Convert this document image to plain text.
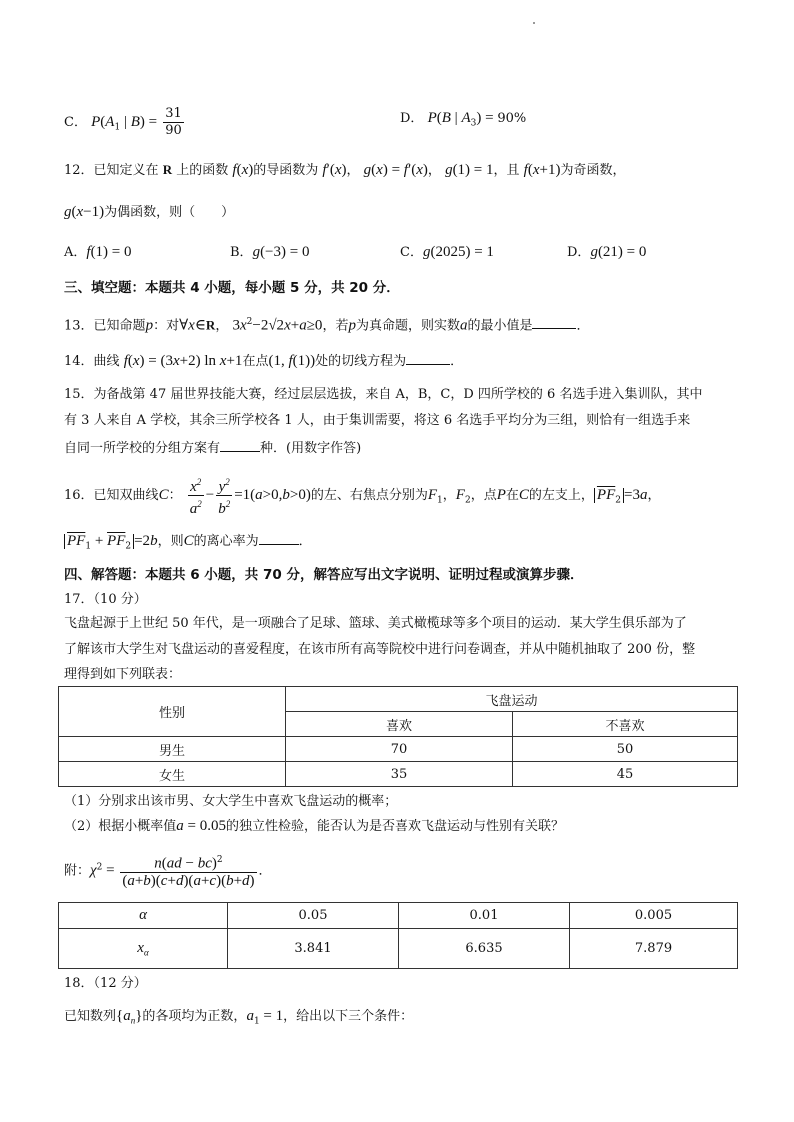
C． $P(A_1$ | $B) = \frac{31}{90}$	D． P(B | $A_3) = 90\%$
12．已知定义在 R 上的函数 f(x)的导函数为 f′(x)， g(x) = f′(x)， g(1) = 1，且 f(x+1)为奇函数，
g(x−1)为偶函数，则（　　）
A．f(1) = 0	B．g(−3) = 0	C．g(2025) = 1	D．g(21) = 0
三、填空题：本题共 4 小题，每小题 5 分，共 20 分．
13．已知命题p：对∀x∈R， $3x^2-2√2x+a\ge 0$，若p为真命题，则实数a的最小值是	．
14．曲线 f(x) = (3x+2) ln x+1在点(1, f(1))处的切线方程为	．
15．为备战第 47 届世界技能大赛，经过层层选拔，来自 A，B，C，D 四所学校的 6 名选手进入集训队，其中
有 3 人来自 A 学校，其余三所学校各 1 人，由于集训需要，将这 6 名选手平均分为三组，则恰有一组选手来
自同一所学校的分组方案有	种．(用数字作答)
16．已知双曲线C： $\frac{x^2}{a^2} - \frac{y^2}{b^2} =1(a>0,b>0)$的左、右焦点分别为$F_1$，$F_2$，点P在C的左支上， $\overline{PF}_2 =3a$，
$\overline{PF}_1 + \overline{PF}_2 =2b$，则C的离心率为	．
四、解答题：本题共 6 小题，共 70 分，解答应写出文字说明、证明过程或演算步骤．
17．（10 分）
飞盘起源于上世纪 50 年代，是一项融合了足球、篮球、美式橄榄球等多个项目的运动．某大学生俱乐部为了
了解该市大学生对飞盘运动的喜爱程度，在该市所有高等院校中进行问卷调查，并从中随机抽取了 200 份，整
理得到如下列联表：
性别	飞盘运动	
	喜欢	不喜欢
男生	70	50
女生	35	45
（1）分别求出该市男、女大学生中喜欢飞盘运动的概率；
（2）根据小概率值a = 0.05的独立性检验，能否认为是否喜欢飞盘运动与性别有关联？
附：$\chi^2 = \frac{n(ad - bc)^2}{(a+b)(c+d)(a+c)(b+d)}$ ．
α	0.05	0.01	0.005
$x_\alpha$	3.841	6.635	7.879
18．（12 分）
已知数列$\{a_n\}$的各项均为正数，$a_1 = 1$，给出以下三个条件：
